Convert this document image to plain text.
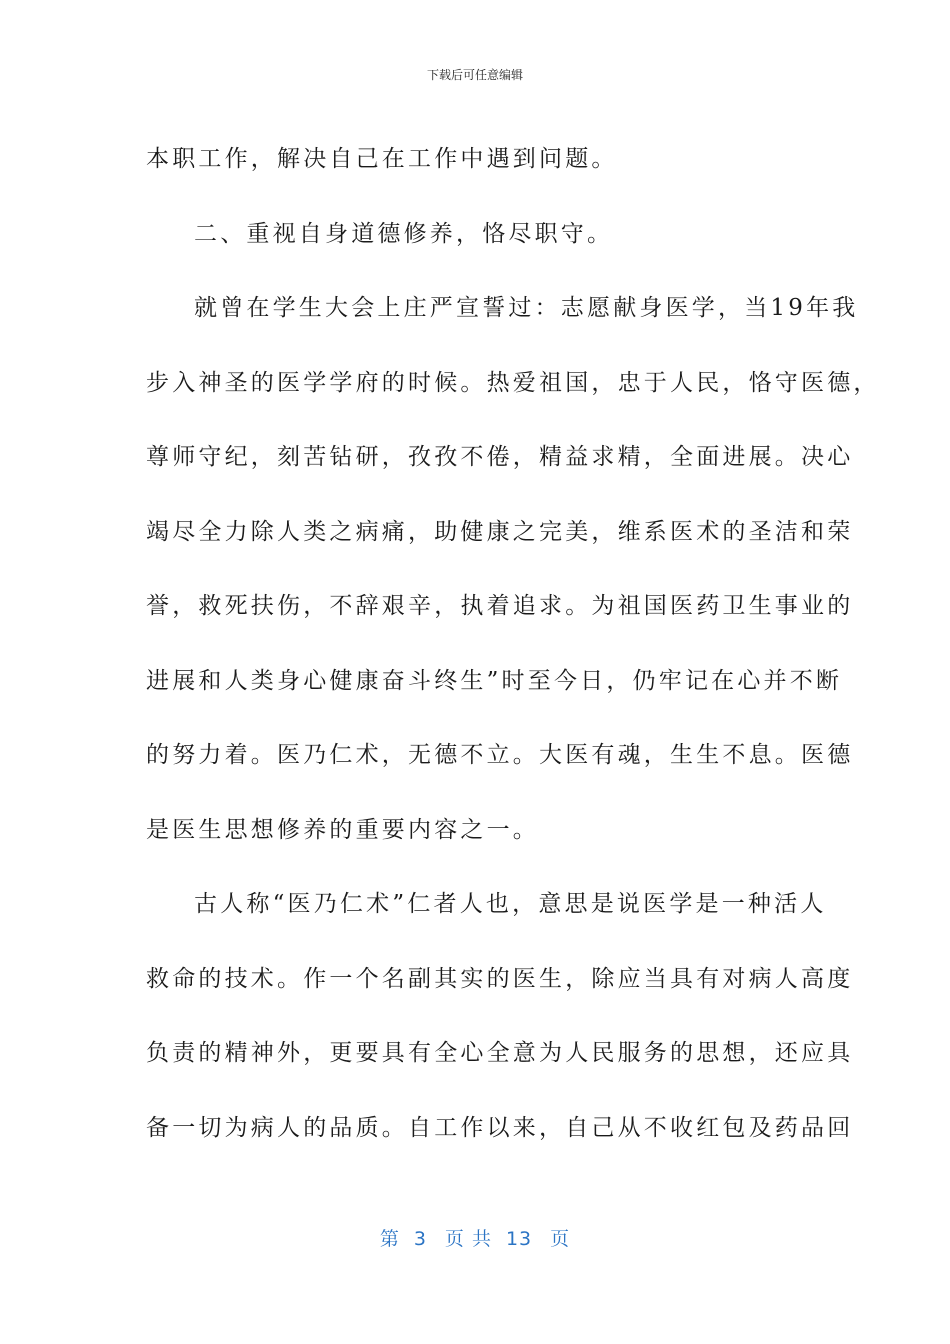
下载后可任意编辑
本职工作，解决自己在工作中遇到问题。
二、重视自身道德修养，恪尽职守。
就曾在学生大会上庄严宣誓过：志愿献身医学，当19年我
步入神圣的医学学府的时候。热爱祖国，忠于人民，恪守医德，
尊师守纪，刻苦钻研，孜孜不倦，精益求精，全面进展。决心
竭尽全力除人类之病痛，助健康之完美，维系医术的圣洁和荣
誉，救死扶伤，不辞艰辛，执着追求。为祖国医药卫生事业的
进展和人类身心健康奋斗终生”时至今日，仍牢记在心并不断
的努力着。医乃仁术，无德不立。大医有魂，生生不息。医德
是医生思想修养的重要内容之一。
古人称“医乃仁术”仁者人也，意思是说医学是一种活人
救命的技术。作一个名副其实的医生，除应当具有对病人高度
负责的精神外，更要具有全心全意为人民服务的思想，还应具
备一切为病人的品质。自工作以来，自己从不收红包及药品回
第 3 页 共 13 页
